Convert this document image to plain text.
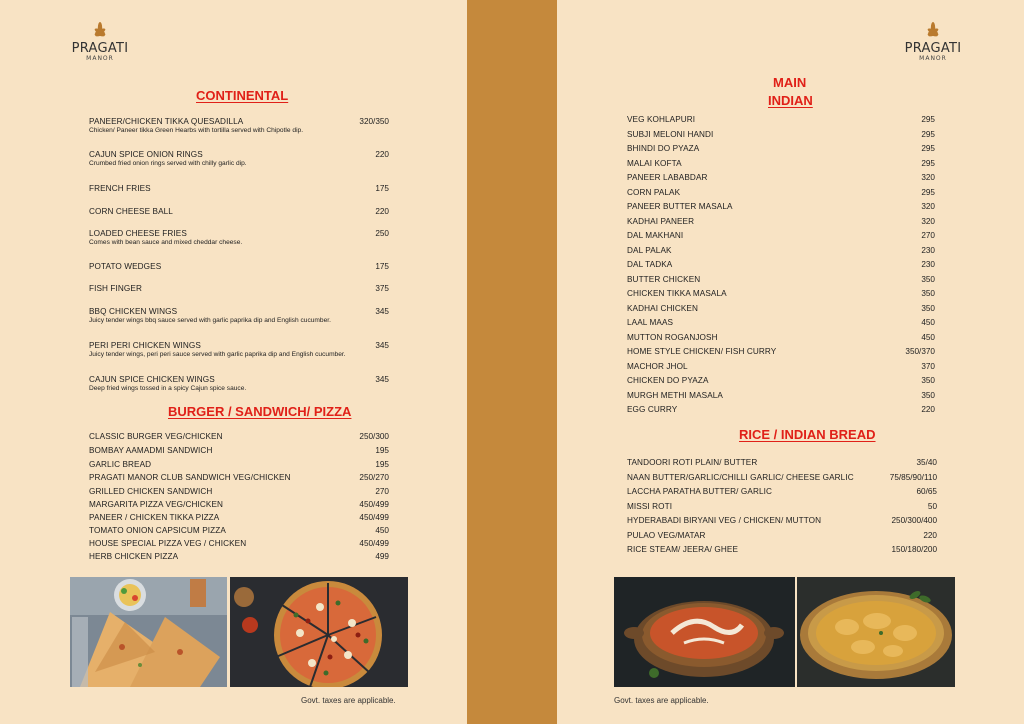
PRAGATI
MANOR
CONTINENTAL
PANEER/CHICKEN TIKKA QUESADILLA	320/350
Chicken/ Paneer tikka Green Hearbs with tortilla served with Chipotle dip.
CAJUN SPICE ONION RINGS	220
Crumbed fried onion rings served with chilly garlic dip.
FRENCH FRIES	175
CORN CHEESE BALL	220
LOADED CHEESE FRIES	250
Comes with bean sauce and mixed cheddar cheese.
POTATO WEDGES	175
FISH FINGER	375
BBQ CHICKEN WINGS	345
Juicy tender wings bbq sauce served with garlic paprika dip and English cucumber.
PERI PERI CHICKEN WINGS	345
Juicy tender wings, peri peri sauce served with garlic paprika dip and English cucumber.
CAJUN SPICE CHICKEN WINGS	345
Deep fried wings tossed in a spicy Cajun spice sauce.
BURGER / SANDWICH/ PIZZA
CLASSIC BURGER VEG/CHICKEN	250/300
BOMBAY AAMADMI SANDWICH	195
GARLIC BREAD	195
PRAGATI MANOR CLUB SANDWICH VEG/CHICKEN	250/270
GRILLED CHICKEN SANDWICH	270
MARGARITA PIZZA VEG/CHICKEN	450/499
PANEER / CHICKEN TIKKA PIZZA	450/499
TOMATO ONION CAPSICUM PIZZA	450
HOUSE SPECIAL PIZZA VEG / CHICKEN	450/499
HERB CHICKEN PIZZA	499
Govt. taxes are applicable.
PRAGATI
MANOR
MAIN
INDIAN
VEG KOHLAPURI	295
SUBJI MELONI HANDI	295
BHINDI DO PYAZA	295
MALAI KOFTA	295
PANEER LABABDAR	320
CORN PALAK	295
PANEER BUTTER MASALA	320
KADHAI PANEER	320
DAL MAKHANI	270
DAL PALAK	230
DAL TADKA	230
BUTTER CHICKEN	350
CHICKEN TIKKA MASALA	350
KADHAI CHICKEN	350
LAAL MAAS	450
MUTTON ROGANJOSH	450
HOME STYLE CHICKEN/ FISH CURRY	350/370
MACHOR JHOL	370
CHICKEN DO PYAZA	350
MURGH METHI MASALA	350
EGG CURRY	220
RICE / INDIAN BREAD
TANDOORI ROTI PLAIN/ BUTTER	35/40
NAAN BUTTER/GARLIC/CHILLI GARLIC/ CHEESE GARLIC	75/85/90/110
LACCHA PARATHA BUTTER/ GARLIC	60/65
MISSI ROTI	50
HYDERABADI BIRYANI VEG / CHICKEN/ MUTTON	250/300/400
PULAO VEG/MATAR	220
RICE STEAM/ JEERA/ GHEE	150/180/200
Govt. taxes are applicable.
